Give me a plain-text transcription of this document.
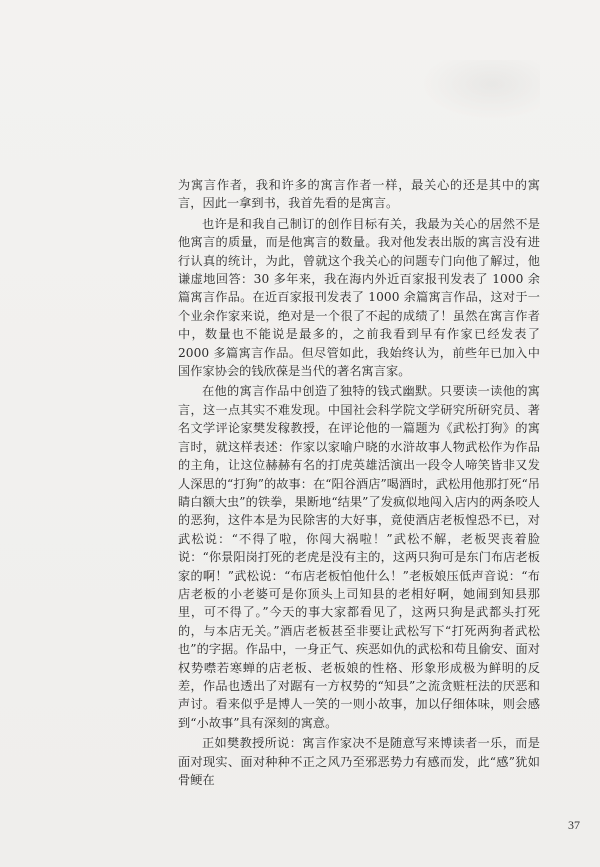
为寓言作者，我和许多的寓言作者一样，最关心的还是其中的寓言，因此一拿到书，我首先看的是寓言。

也许是和我自己制订的创作目标有关，我最为关心的居然不是他寓言的质量，而是他寓言的数量。我对他发表出版的寓言没有进行认真的统计，为此，曾就这个我关心的问题专门向他了解过，他谦虚地回答：30 多年来，我在海内外近百家报刊发表了 1000 余篇寓言作品。在近百家报刊发表了 1000 余篇寓言作品，这对于一个业余作家来说，绝对是一个很了不起的成绩了！虽然在寓言作者中，数量也不能说是最多的，之前我看到早有作家已经发表了 2000 多篇寓言作品。但尽管如此，我始终认为，前些年已加入中国作家协会的钱欣葆是当代的著名寓言家。

在他的寓言作品中创造了独特的钱式幽默。只要读一读他的寓言，这一点其实不难发现。中国社会科学院文学研究所研究员、著名文学评论家樊发稼教授，在评论他的一篇题为《武松打狗》的寓言时，就这样表述：作家以家喻户晓的水浒故事人物武松作为作品的主角，让这位赫赫有名的打虎英雄活演出一段令人啼笑皆非又发人深思的“打狗”的故事：在“阳谷酒店”喝酒时，武松用他那打死“吊睛白额大虫”的铁拳，果断地“结果”了发疯似地闯入店内的两条咬人的恶狗，这件本是为民除害的大好事，竟使酒店老板惶恐不已，对武松说：“不得了啦，你闯大祸啦！”武松不解，老板哭丧着脸说：“你景阳岗打死的老虎是没有主的，这两只狗可是东门布店老板家的啊！”武松说：“布店老板怕他什么！”老板娘压低声音说：“布店老板的小老婆可是你顶头上司知县的老相好啊，她闹到知县那里，可不得了。”今天的事大家都看见了，这两只狗是武都头打死的，与本店无关。”酒店老板甚至非要让武松写下“打死两狗者武松也”的字据。作品中，一身正气、疾恶如仇的武松和苟且偷安、面对权势噤若寒蝉的店老板、老板娘的性格、形象形成极为鲜明的反差，作品也透出了对踞有一方权势的“知县”之流贪赃枉法的厌恶和声讨。看来似乎是博人一笑的一则小故事，加以仔细体味，则会感到“小故事”具有深刻的寓意。

正如樊教授所说：寓言作家决不是随意写来博读者一乐，而是面对现实、面对种种不正之风乃至邪恶势力有感而发，此“感”犹如骨鲠在

37
